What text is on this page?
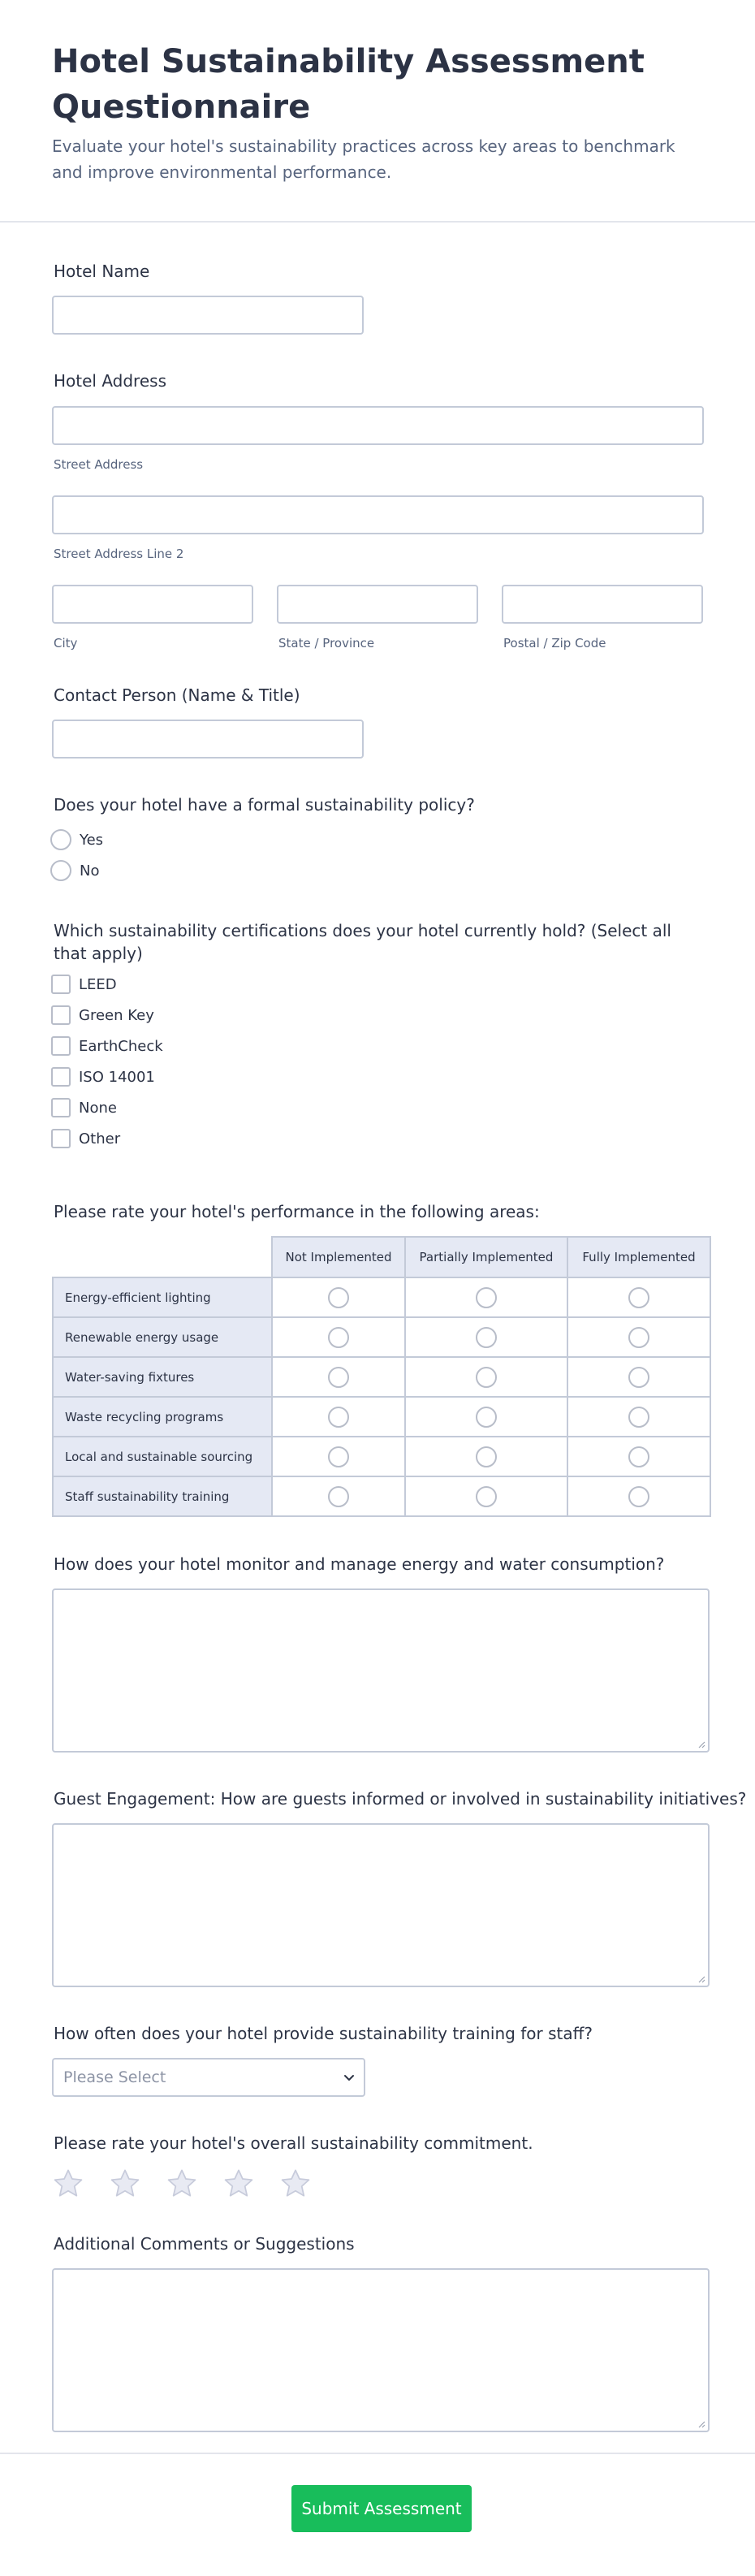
Hotel Sustainability Assessment Questionnaire
Evaluate your hotel's sustainability practices across key areas to benchmark and improve environmental performance.
Hotel Name
Hotel Address
Street Address
Street Address Line 2
City	State / Province	Postal / Zip Code
Contact Person (Name & Title)
Does your hotel have a formal sustainability policy?
Yes
No
Which sustainability certifications does your hotel currently hold? (Select all that apply)
LEED
Green Key
EarthCheck
ISO 14001
None
Other
Please rate your hotel's performance in the following areas:
	Not Implemented	Partially Implemented	Fully Implemented
Energy-efficient lighting			
Renewable energy usage			
Water-saving fixtures			
Waste recycling programs			
Local and sustainable sourcing			
Staff sustainability training			
How does your hotel monitor and manage energy and water consumption?
Guest Engagement: How are guests informed or involved in sustainability initiatives?
How often does your hotel provide sustainability training for staff?
Please Select
Please rate your hotel's overall sustainability commitment.
Additional Comments or Suggestions
Submit Assessment
